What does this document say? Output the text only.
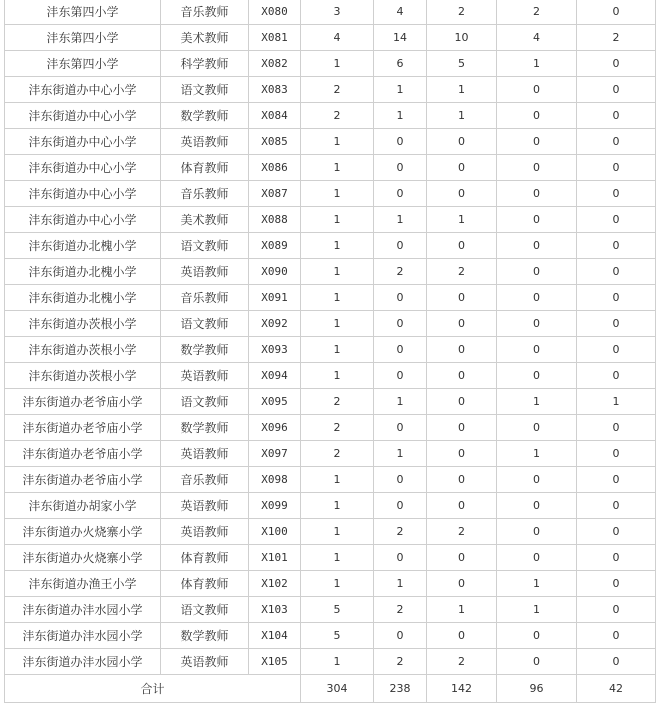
沣东第四小学	音乐教师	X080	3	4	2	2	0
沣东第四小学	美术教师	X081	4	14	10	4	2
沣东第四小学	科学教师	X082	1	6	5	1	0
沣东街道办中心小学	语文教师	X083	2	1	1	0	0
沣东街道办中心小学	数学教师	X084	2	1	1	0	0
沣东街道办中心小学	英语教师	X085	1	0	0	0	0
沣东街道办中心小学	体育教师	X086	1	0	0	0	0
沣东街道办中心小学	音乐教师	X087	1	0	0	0	0
沣东街道办中心小学	美术教师	X088	1	1	1	0	0
沣东街道办北槐小学	语文教师	X089	1	0	0	0	0
沣东街道办北槐小学	英语教师	X090	1	2	2	0	0
沣东街道办北槐小学	音乐教师	X091	1	0	0	0	0
沣东街道办茨根小学	语文教师	X092	1	0	0	0	0
沣东街道办茨根小学	数学教师	X093	1	0	0	0	0
沣东街道办茨根小学	英语教师	X094	1	0	0	0	0
沣东街道办老爷庙小学	语文教师	X095	2	1	0	1	1
沣东街道办老爷庙小学	数学教师	X096	2	0	0	0	0
沣东街道办老爷庙小学	英语教师	X097	2	1	0	1	0
沣东街道办老爷庙小学	音乐教师	X098	1	0	0	0	0
沣东街道办胡家小学	英语教师	X099	1	0	0	0	0
沣东街道办火烧寨小学	英语教师	X100	1	2	2	0	0
沣东街道办火烧寨小学	体育教师	X101	1	0	0	0	0
沣东街道办渔王小学	体育教师	X102	1	1	0	1	0
沣东街道办沣水园小学	语文教师	X103	5	2	1	1	0
沣东街道办沣水园小学	数学教师	X104	5	0	0	0	0
沣东街道办沣水园小学	英语教师	X105	1	2	2	0	0
合计			304	238	142	96	42
